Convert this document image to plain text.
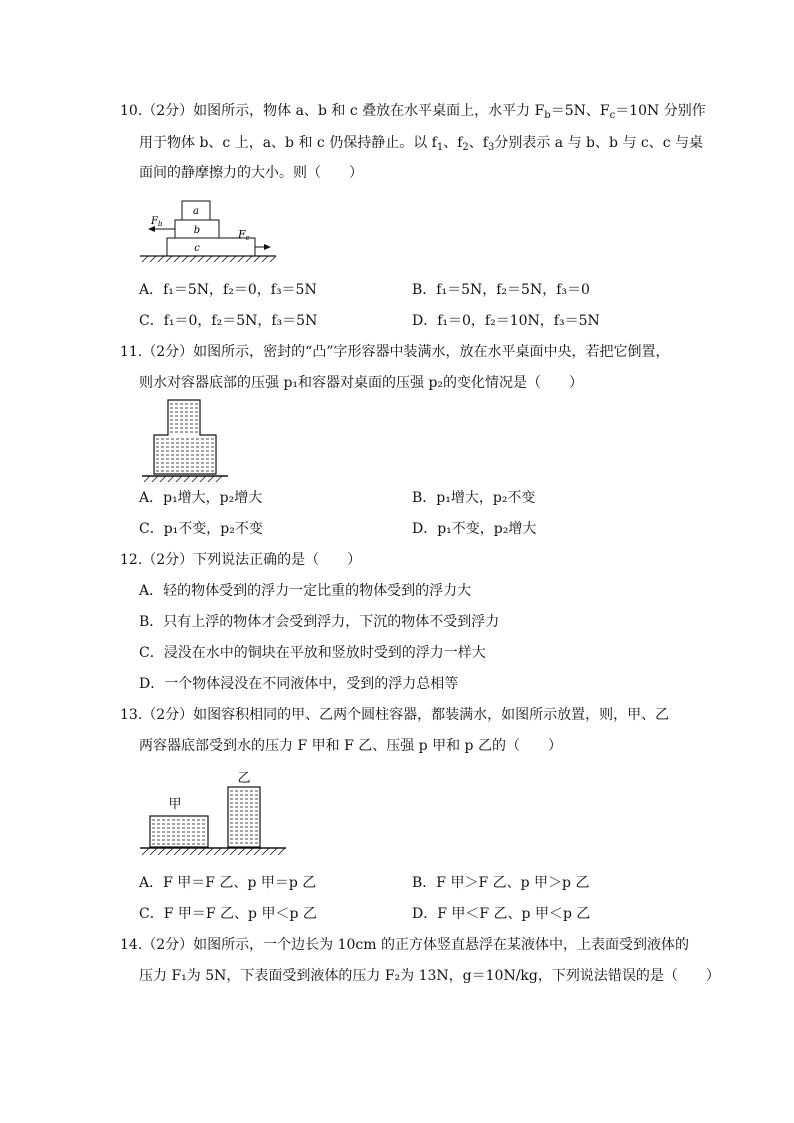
10.（2分）如图所示，物体 a、b 和 c 叠放在水平桌面上，水平力 $F_b=5N$、$F_c=10N$ 分别作
用于物体 b、c 上，a、b 和 c 仍保持静止。以 $f_1$、$f_2$、$f_3$分别表示 a 与 b、b 与 c、c 与桌
面间的静摩擦力的大小。则（　　）
a
b
c
$F_b$
Fc
A．f₁＝5N，f₂＝0，f₃＝5N	B．f₁＝5N，f₂＝5N，f₃＝0
C．f₁＝0，f₂＝5N，f₃＝5N	D．f₁＝0，f₂＝10N，f₃＝5N
11.（2分）如图所示，密封的“凸”字形容器中装满水，放在水平桌面中央，若把它倒置，
则水对容器底部的压强 p₁和容器对桌面的压强 p₂的变化情况是（　　）
A．p₁增大，p₂增大	B．p₁增大，p₂不变
C．p₁不变，p₂不变	D．p₁不变，p₂增大
12.（2分）下列说法正确的是（　　）
A．轻的物体受到的浮力一定比重的物体受到的浮力大
B．只有上浮的物体才会受到浮力，下沉的物体不受到浮力
C．浸没在水中的铜块在平放和竖放时受到的浮力一样大
D．一个物体浸没在不同液体中，受到的浮力总相等
13.（2分）如图容积相同的甲、乙两个圆柱容器，都装满水，如图所示放置，则，甲、乙
两容器底部受到水的压力 F 甲和 F 乙、压强 p 甲和 p 乙的（　　）
甲
乙
A．F 甲＝F 乙、p 甲＝p 乙	B．F 甲＞F 乙、p 甲＞p 乙
C．F 甲＝F 乙、p 甲＜p 乙	D．F 甲＜F 乙、p 甲＜p 乙
14.（2分）如图所示，一个边长为 10cm 的正方体竖直悬浮在某液体中，上表面受到液体的
压力 F₁为 5N，下表面受到液体的压力 F₂为 13N，g＝10N/kg，下列说法错误的是（　　）
